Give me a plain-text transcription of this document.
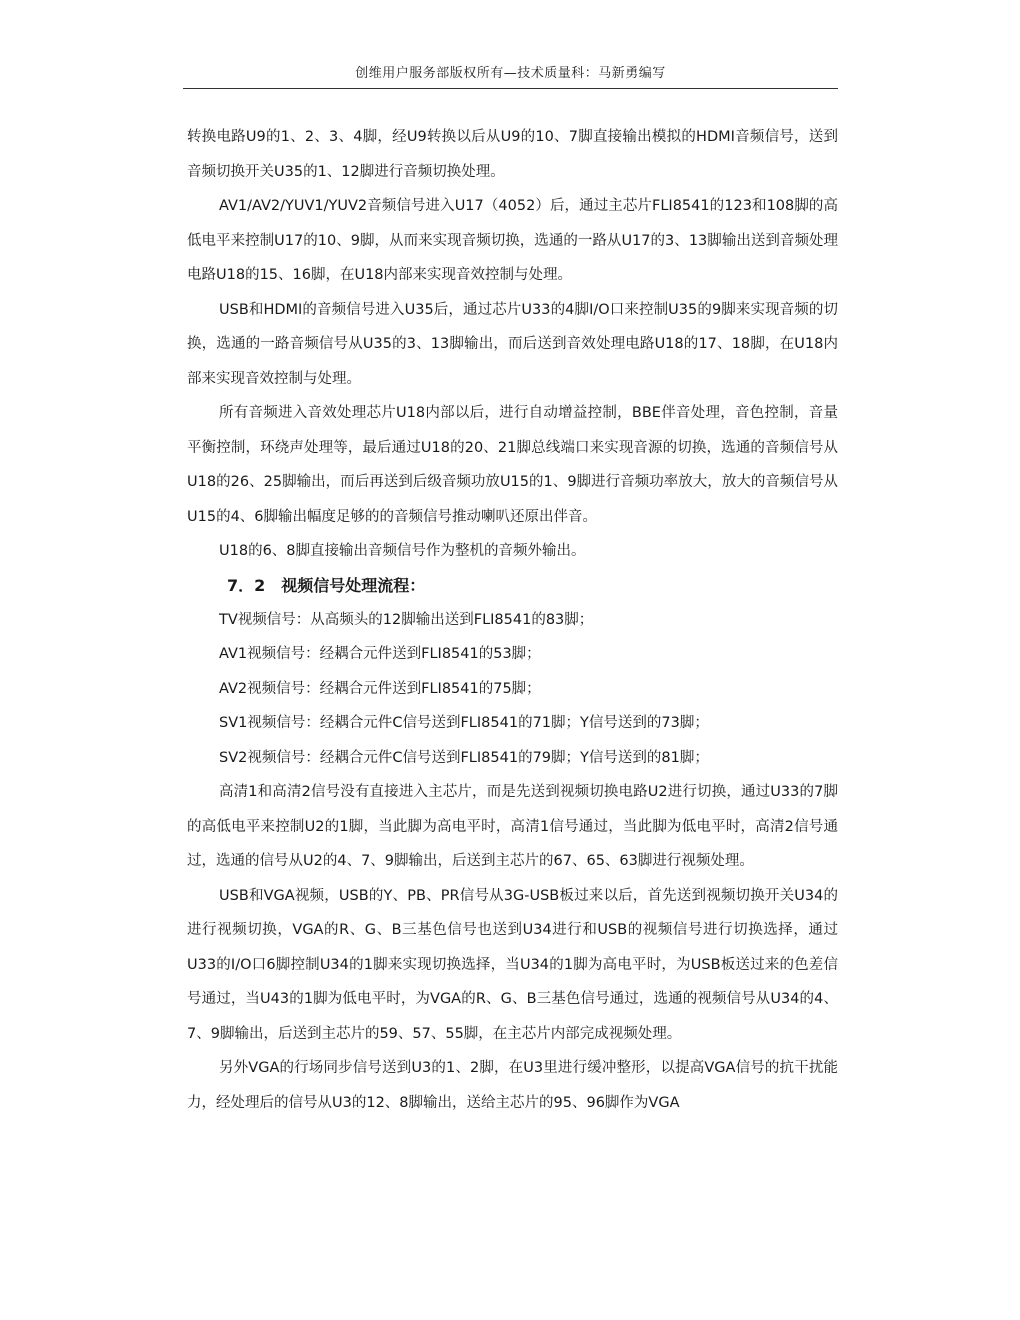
创维用户服务部版权所有—技术质量科：马新勇编写

转换电路U9的1、2、3、4脚，经U9转换以后从U9的10、7脚直接输出模拟的HDMI音频信号，送到音频切换开关U35的1、12脚进行音频切换处理。

AV1/AV2/YUV1/YUV2音频信号进入U17（4052）后，通过主芯片FLI8541的123和108脚的高低电平来控制U17的10、9脚，从而来实现音频切换，选通的一路从U17的3、13脚输出送到音频处理电路U18的15、16脚，在U18内部来实现音效控制与处理。

USB和HDMI的音频信号进入U35后，通过芯片U33的4脚I/O口来控制U35的9脚来实现音频的切换，选通的一路音频信号从U35的3、13脚输出，而后送到音效处理电路U18的17、18脚，在U18内部来实现音效控制与处理。

所有音频进入音效处理芯片U18内部以后，进行自动增益控制，BBE伴音处理，音色控制，音量平衡控制，环绕声处理等，最后通过U18的20、21脚总线端口来实现音源的切换，选通的音频信号从U18的26、25脚输出，而后再送到后级音频功放U15的1、9脚进行音频功率放大，放大的音频信号从U15的4、6脚输出幅度足够的的音频信号推动喇叭还原出伴音。

U18的6、8脚直接输出音频信号作为整机的音频外输出。

7．2　视频信号处理流程：

TV视频信号：从高频头的12脚输出送到FLI8541的83脚；

AV1视频信号：经耦合元件送到FLI8541的53脚；

AV2视频信号：经耦合元件送到FLI8541的75脚；

SV1视频信号：经耦合元件C信号送到FLI8541的71脚；Y信号送到的73脚；

SV2视频信号：经耦合元件C信号送到FLI8541的79脚；Y信号送到的81脚；

高清1和高清2信号没有直接进入主芯片，而是先送到视频切换电路U2进行切换，通过U33的7脚的高低电平来控制U2的1脚，当此脚为高电平时，高清1信号通过，当此脚为低电平时，高清2信号通过，选通的信号从U2的4、7、9脚输出，后送到主芯片的67、65、63脚进行视频处理。

USB和VGA视频，USB的Y、PB、PR信号从3G-USB板过来以后，首先送到视频切换开关U34的进行视频切换，VGA的R、G、B三基色信号也送到U34进行和USB的视频信号进行切换选择，通过U33的I/O口6脚控制U34的1脚来实现切换选择，当U34的1脚为高电平时，为USB板送过来的色差信号通过，当U43的1脚为低电平时，为VGA的R、G、B三基色信号通过，选通的视频信号从U34的4、7、9脚输出，后送到主芯片的59、57、55脚，在主芯片内部完成视频处理。

另外VGA的行场同步信号送到U3的1、2脚，在U3里进行缓冲整形，以提高VGA信号的抗干扰能力，经处理后的信号从U3的12、8脚输出，送给主芯片的95、96脚作为VGA
